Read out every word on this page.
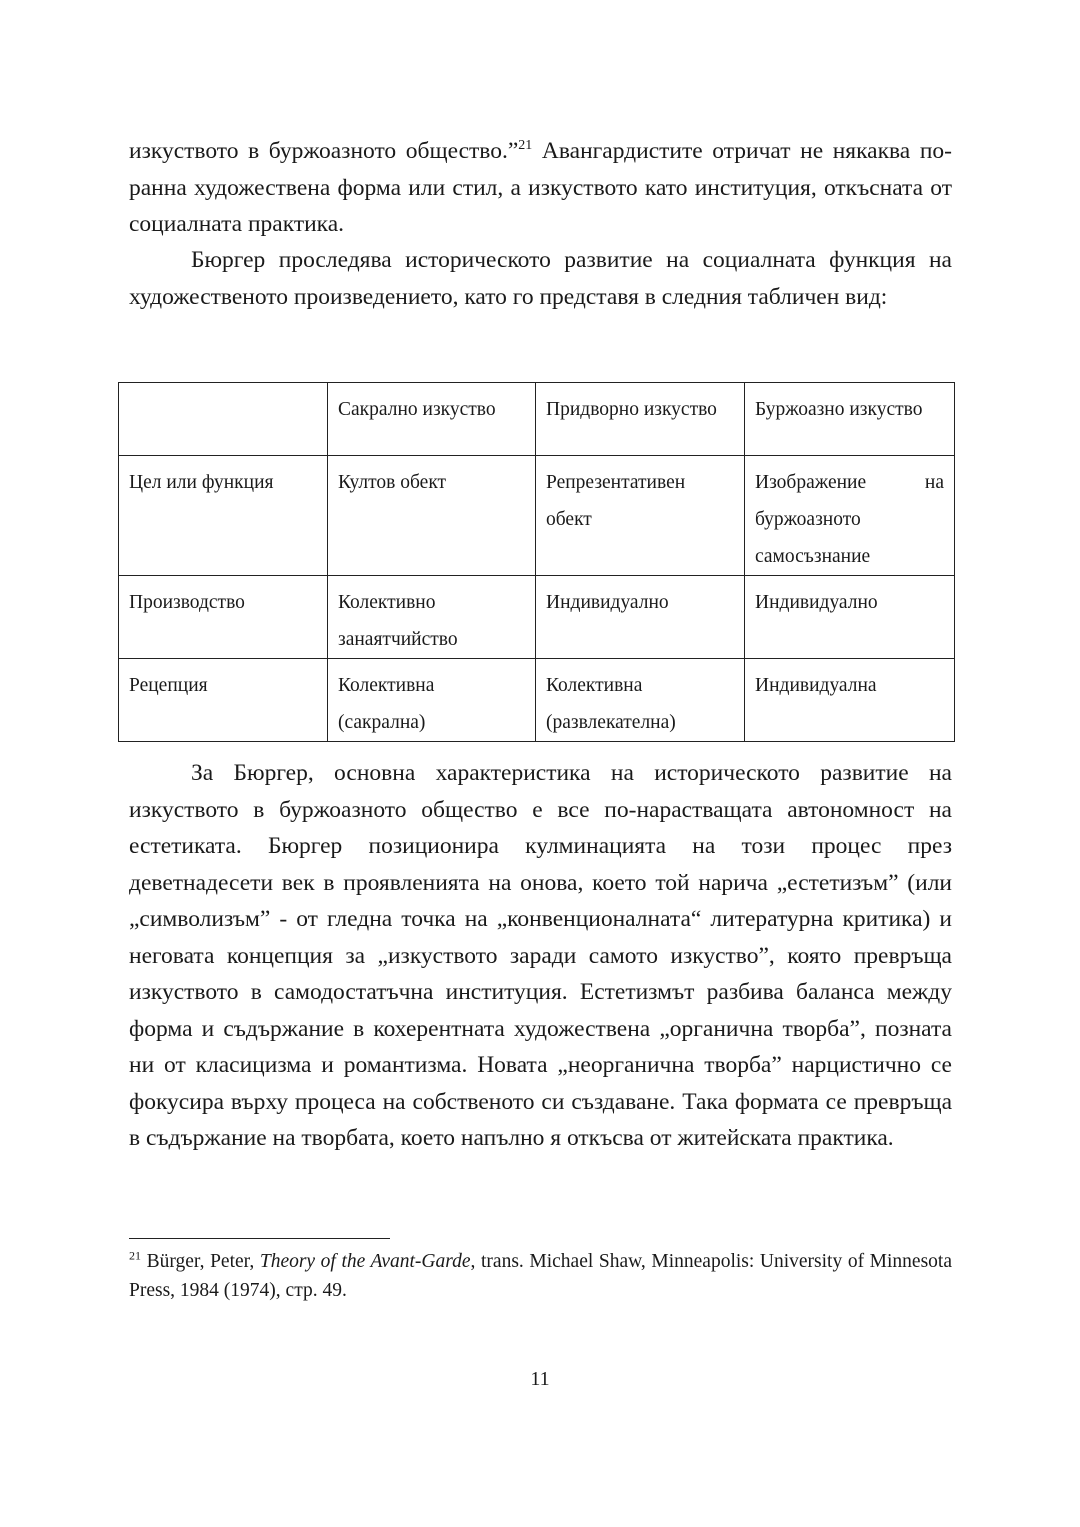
изкуството в буржоазното общество.”$^{21}$ Авангардистите отричат не някаква по-ранна художествена форма или стил, а изкуството като институция, откъсната от социалната практика.

Бюргер проследява историческото развитие на социалната функция на художественото произведението, като го представя в следния табличен вид:

	Сакрално изкуство	Придворно изкуство	Буржоазно изкуство
Цел или функция	Култов обект	Репрезентативен обект	Изображение на
буржоазното самосъзнание

Производство	Колективно занаятчийство	Индивидуално	Индивидуално
Рецепция	Колективна (сакрална)	Колективна (развлекателна)	Индивидуална

За Бюргер, основна характеристика на историческото развитие на изкуството в буржоазното общество е все по-нарастващата автономност на естетиката. Бюргер позиционира кулминацията на този процес през деветнадесети век в проявленията на онова, което той нарича „естетизъм” (или „символизъм” - от гледна точка на „конвенционалната“ литературна критика) и неговата концепция за „изкуството заради самото изкуство”, която превръща изкуството в самодостатъчна институция. Естетизмът разбива баланса между форма и съдържание в кохерентната художествена „органична творба”, позната ни от класицизма и романтизма. Новата „неорганична творба” нарцистично се фокусира върху процеса на собственото си създаване. Така формата се превръща в съдържание на творбата, което напълно я откъсва от житейската практика.

$^{21}$ Bürger, Peter, Theory of the Avant-Garde, trans. Michael Shaw, Minneapolis: University of Minnesota Press, 1984 (1974), стр. 49.

11
